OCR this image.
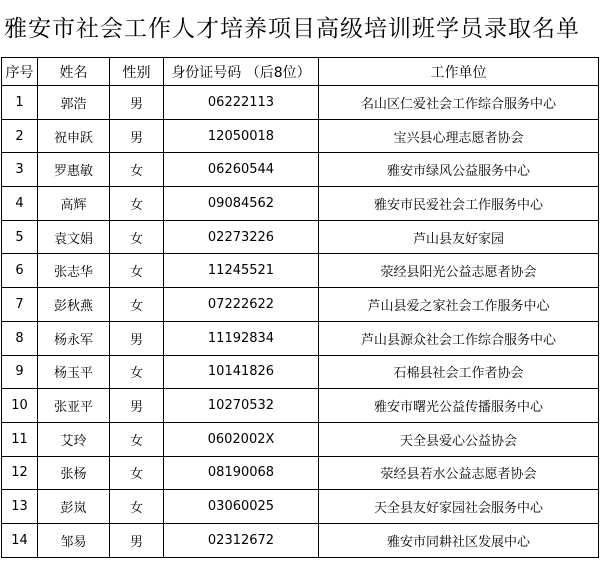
雅安市社会工作人才培养项目高级培训班学员录取名单
序号	姓名	性别	身份证号码 （后8位）	工作单位
1	郭浩	男	06222113	名山区仁爱社会工作综合服务中心
2	祝申跃	男	12050018	宝兴县心理志愿者协会
3	罗惠敏	女	06260544	雅安市绿风公益服务中心
4	高辉	女	09084562	雅安市民爱社会工作服务中心
5	袁文娟	女	02273226	芦山县友好家园
6	张志华	女	11245521	荥经县阳光公益志愿者协会
7	彭秋燕	女	07222622	芦山县爱之家社会工作服务中心
8	杨永军	男	11192834	芦山县源众社会工作综合服务中心
9	杨玉平	女	10141826	石棉县社会工作者协会
10	张亚平	男	10270532	雅安市曙光公益传播服务中心
11	艾玲	女	0602002X	天全县爱心公益协会
12	张杨	女	08190068	荥经县若水公益志愿者协会
13	彭岚	女	03060025	天全县友好家园社会服务中心
14	邹易	男	02312672	雅安市同耕社区发展中心
